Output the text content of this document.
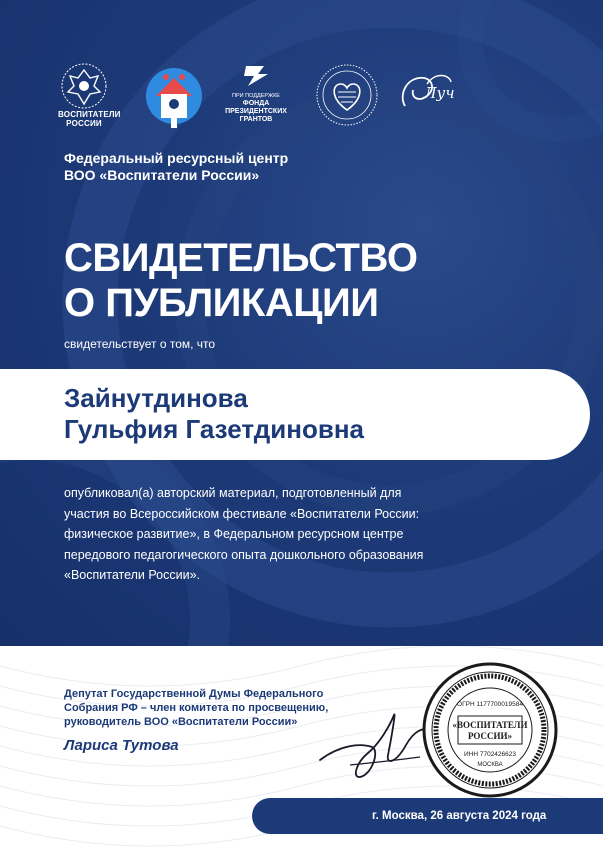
ВОСПИТАТЕЛИ РОССИИ
ПРИ ПОДДЕРЖКЕ
ФОНДА ПРЕЗИДЕНТСКИХ ГРАНТОВ
Луч
Федеральный ресурсный центр
ВОО «Воспитатели России»
СВИДЕТЕЛЬСТВО
О ПУБЛИКАЦИИ
свидетельствует о том, что
Зайнутдинова
Гульфия Газетдиновна
опубликовал(а) авторский материал, подготовленный для
участия во Всероссийском фестивале «Воспитатели России:
физическое развитие», в Федеральном ресурсном центре
передового педагогического опыта дошкольного образования
«Воспитатели России».
Депутат Государственной Думы Федерального
Собрания РФ – член комитета по просвещению,
руководитель ВОО «Воспитатели России»
Лариса Тутова
«ВОСПИТАТЕЛИ
РОССИИ»
ОГРН 1177700019584
ИНН 7702426623
МОСКВА
г. Москва, 26 августа 2024 года
